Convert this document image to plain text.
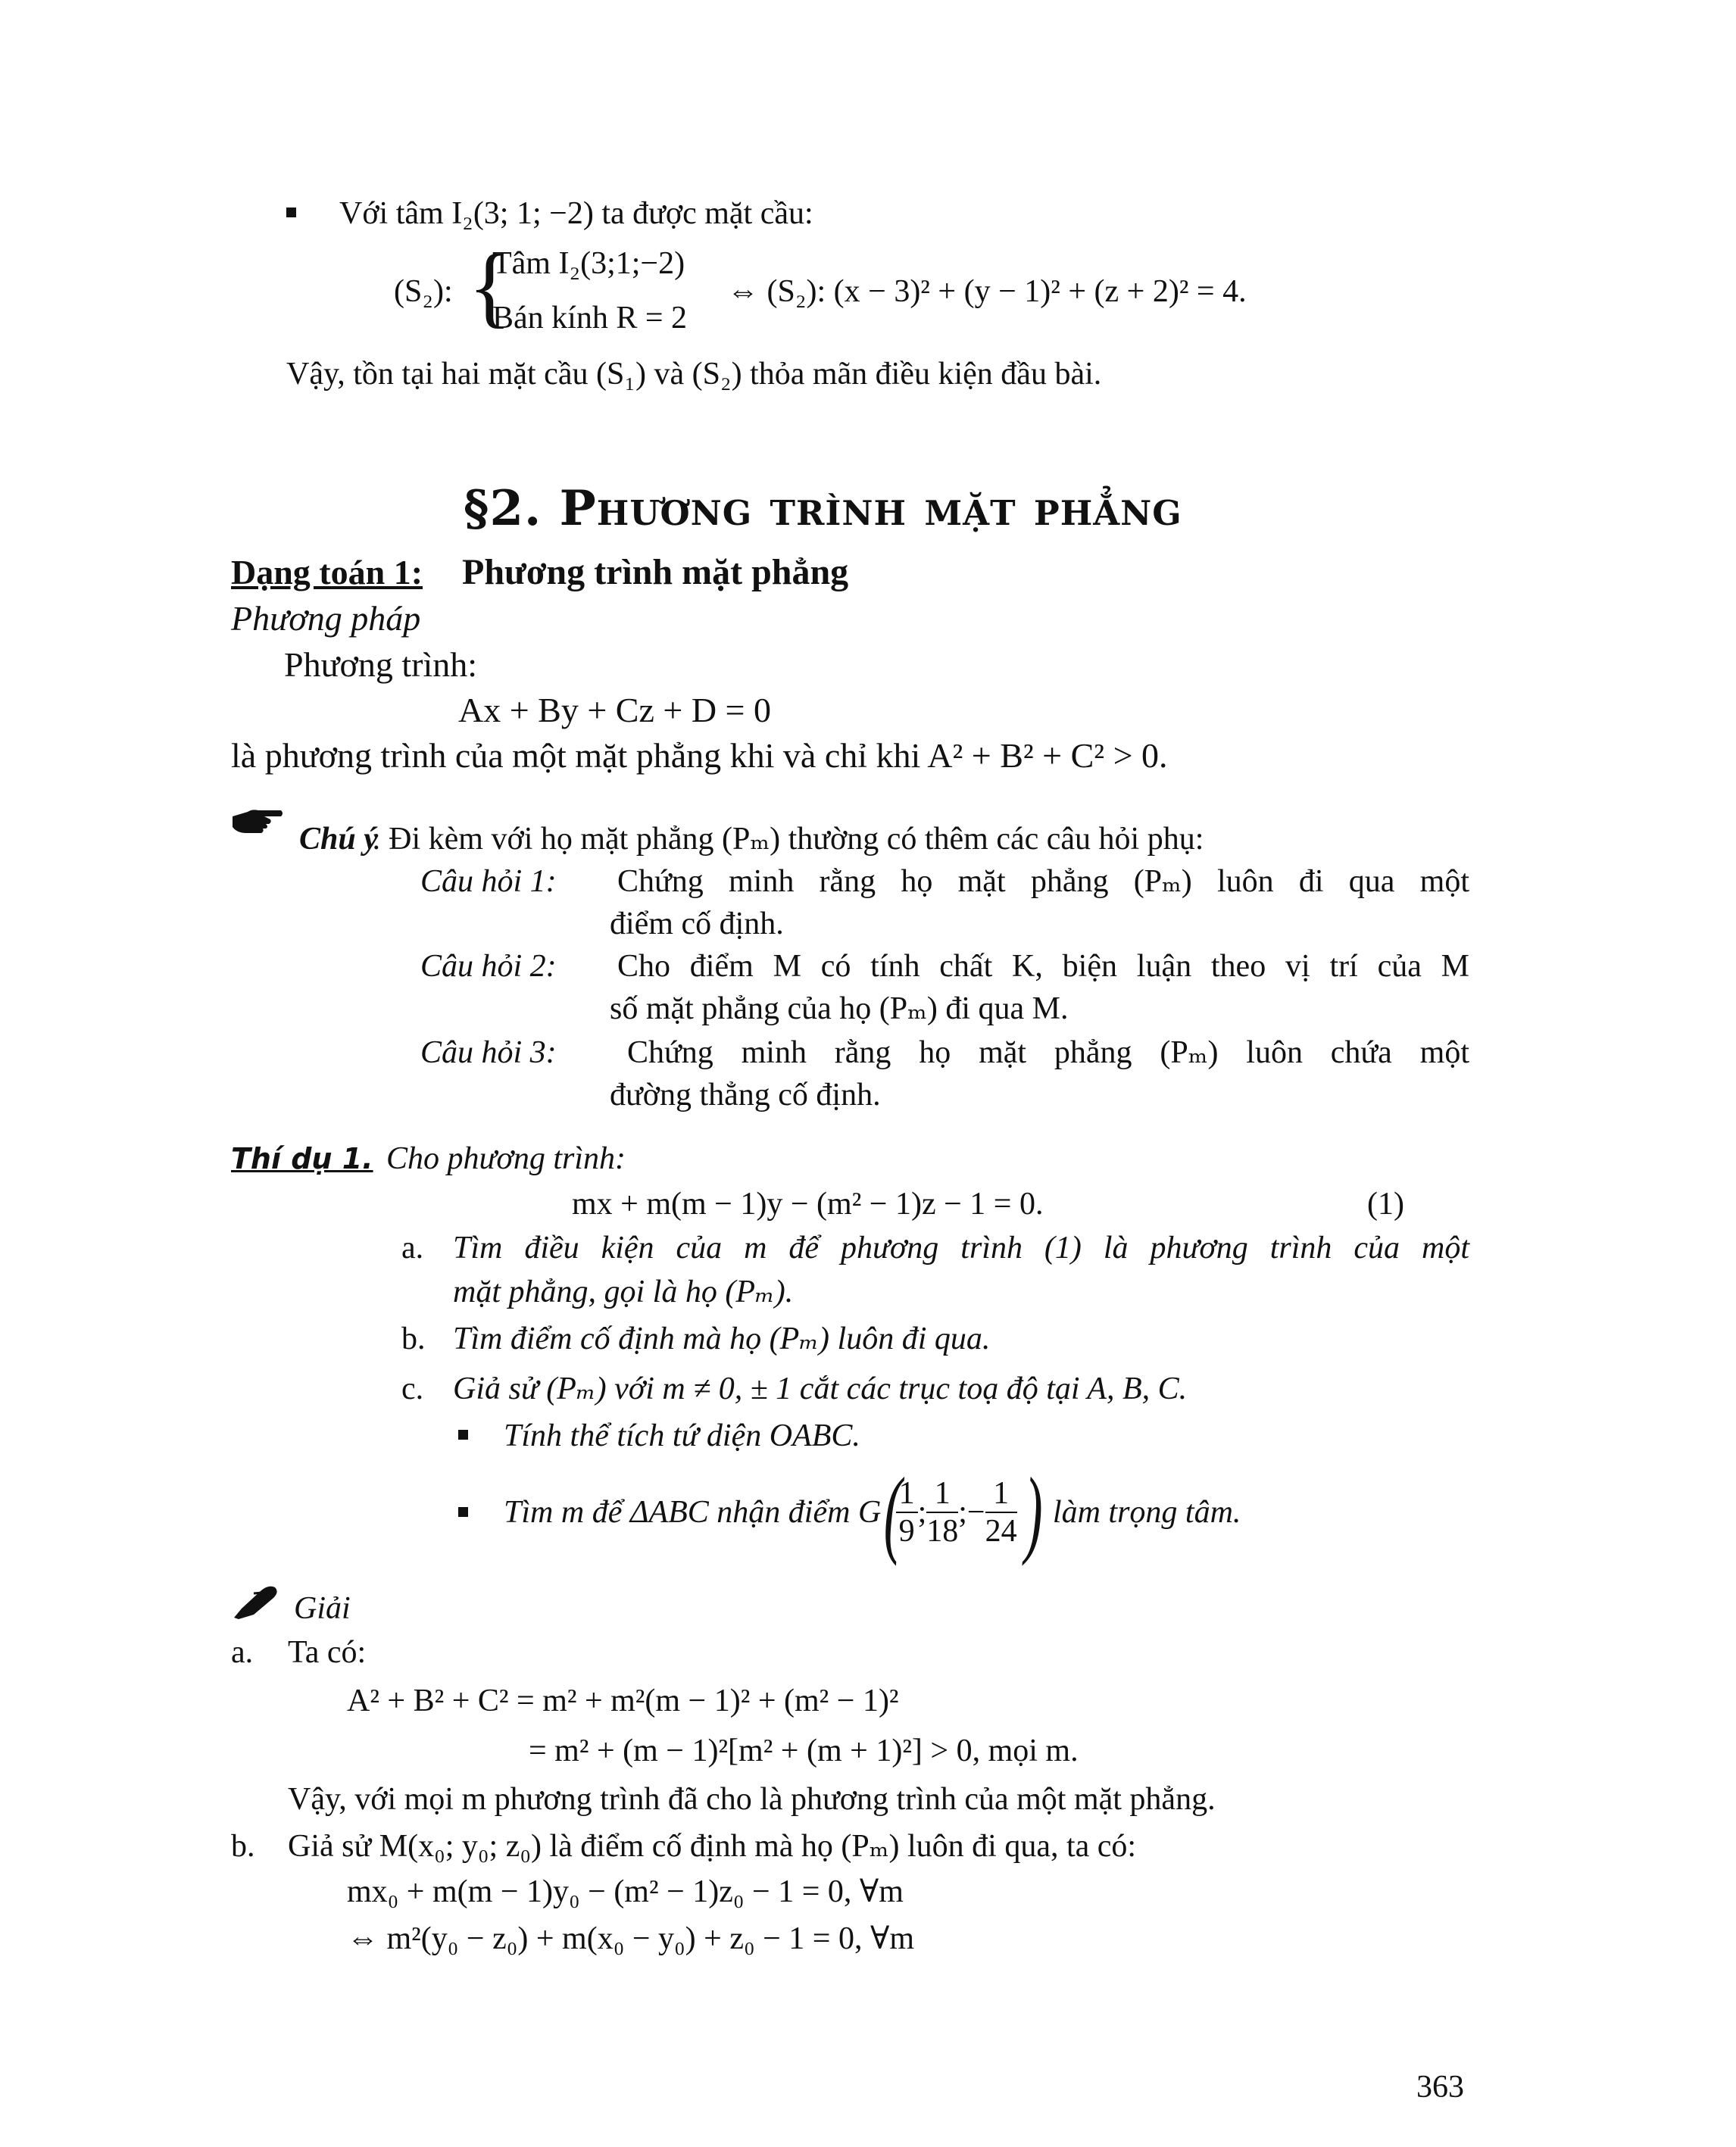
Với tâm I₂(3; 1; −2) ta được mặt cầu:
(S₂): {
Tâm I₂(3;1;−2)
Bán kính R = 2
⇔ (S₂): (x − 3)² + (y − 1)² + (z + 2)² = 4.
Vậy, tồn tại hai mặt cầu (S₁) và (S₂) thỏa mãn điều kiện đầu bài.
§2. Phương trình mặt phẳng
Dạng toán 1: Phương trình mặt phẳng
Phương pháp
Phương trình:
Ax + By + Cz + D = 0
là phương trình của một mặt phẳng khi và chỉ khi A² + B² + C² > 0.
Chú ý
: Đi kèm với họ mặt phẳng (Pₘ) thường có thêm các câu hỏi phụ:
Câu hỏi 1: Chứng minh rằng họ mặt phẳng (Pₘ) luôn đi qua một
điểm cố định.
Câu hỏi 2: Cho điểm M có tính chất K, biện luận theo vị trí của M
số mặt phẳng của họ (Pₘ) đi qua M.
Câu hỏi 3: Chứng minh rằng họ mặt phẳng (Pₘ) luôn chứa một
đường thẳng cố định.
Thí dụ 1. Cho phương trình:
mx + m(m − 1)y − (m² − 1)z − 1 = 0.	(1)
a. Tìm điều kiện của m để phương trình (1) là phương trình của một
mặt phẳng, gọi là họ (Pₘ).
b. Tìm điểm cố định mà họ (Pₘ) luôn đi qua.
c. Giả sử (Pₘ) với m ≠ 0, ± 1 cắt các trục toạ độ tại A, B, C.
Tính thể tích tứ diện OABC.
Tìm m để ΔABC nhận điểm G (
$\frac{1}{9}$ ; $\frac{1}{18}$ ; − $\frac{1}{24}$ ) làm trọng tâm.
Giải
a. Ta có:
A² + B² + C² = m² + m²(m − 1)² + (m² − 1)²
= m² + (m − 1)²[m² + (m + 1)²] > 0, mọi m.
Vậy, với mọi m phương trình đã cho là phương trình của một mặt phẳng.
b. Giả sử M(x₀; y₀; z₀) là điểm cố định mà họ (Pₘ) luôn đi qua, ta có:
mx₀ + m(m − 1)y₀ − (m² − 1)z₀ − 1 = 0, ∀m
⇔ m²(y₀ − z₀) + m(x₀ − y₀) + z₀ − 1 = 0, ∀m
363
